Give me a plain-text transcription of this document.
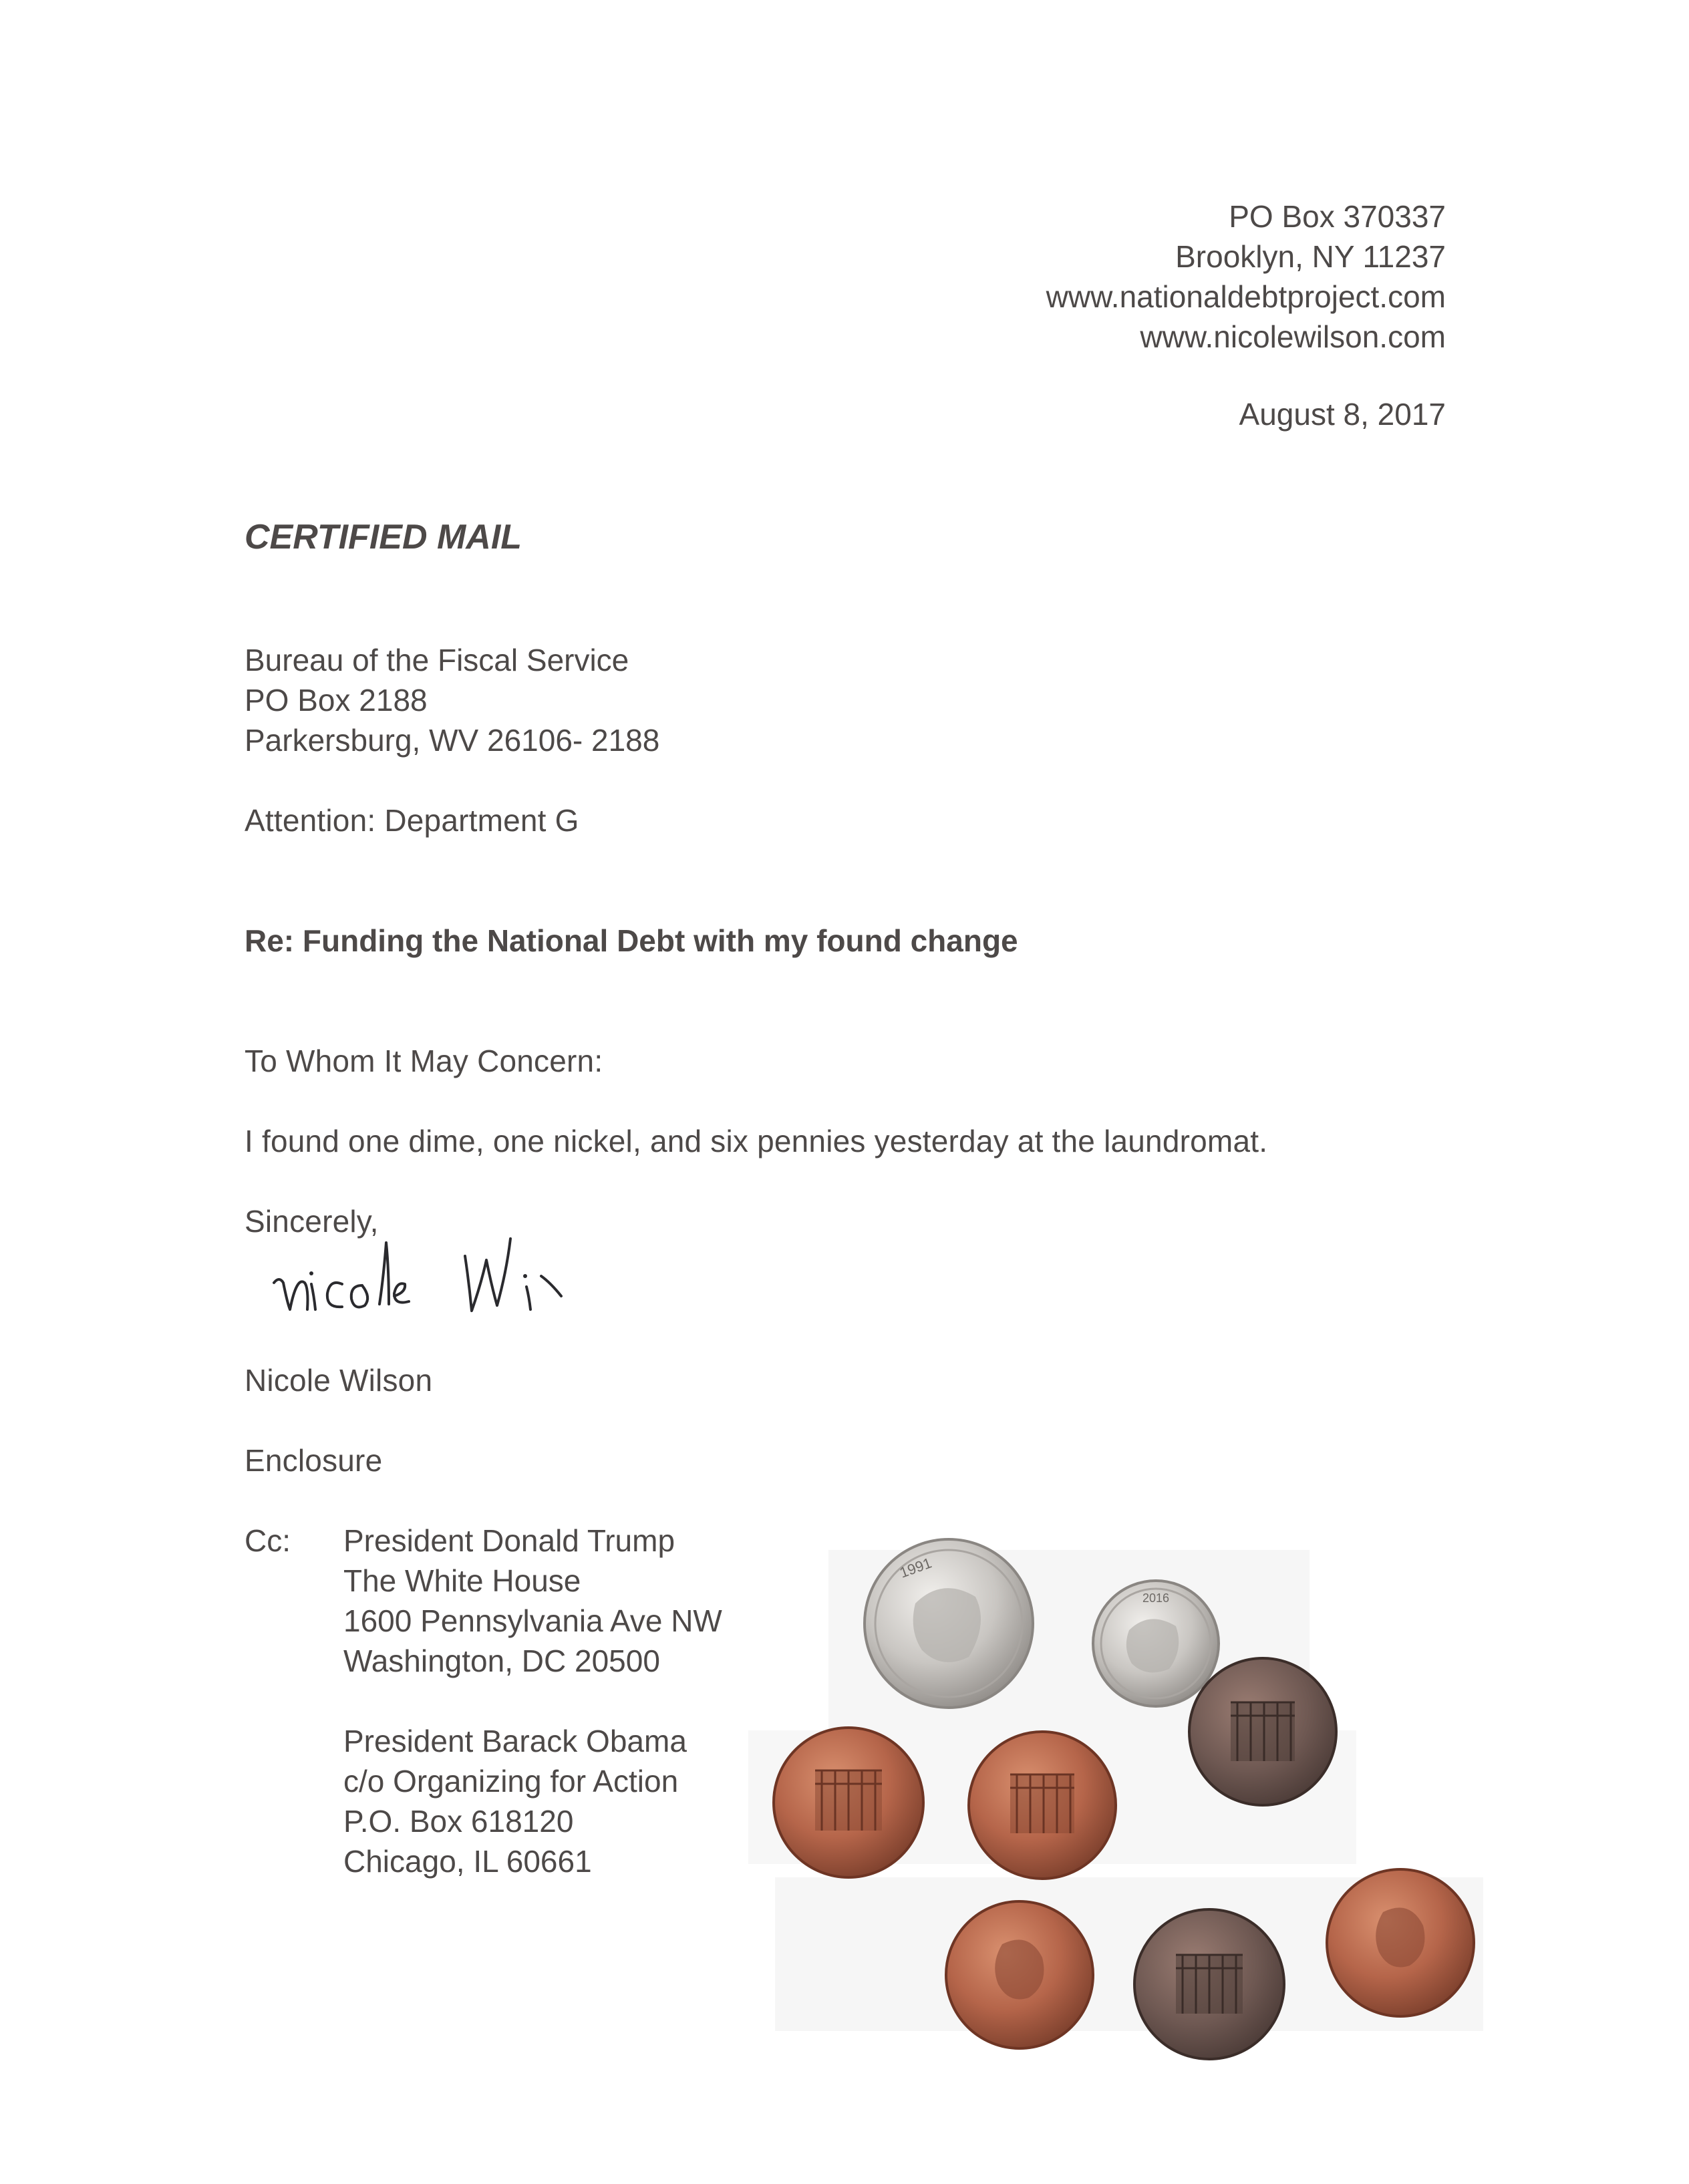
PO Box 370337
Brooklyn, NY 11237
www.nationaldebtproject.com
www.nicolewilson.com
August 8, 2017
CERTIFIED MAIL
Bureau of the Fiscal Service
PO Box 2188
Parkersburg, WV 26106- 2188
Attention: Department G
Re: Funding the National Debt with my found change
To Whom It May Concern:
I found one dime, one nickel, and six pennies yesterday at the laundromat.
Sincerely,
Nicole Wilson
Enclosure
Cc: President Donald Trump
The White House
1600 Pennsylvania Ave NW
Washington, DC 20500
President Barack Obama
c/o Organizing for Action
P.O. Box 618120
Chicago, IL 60661
1991
2016
